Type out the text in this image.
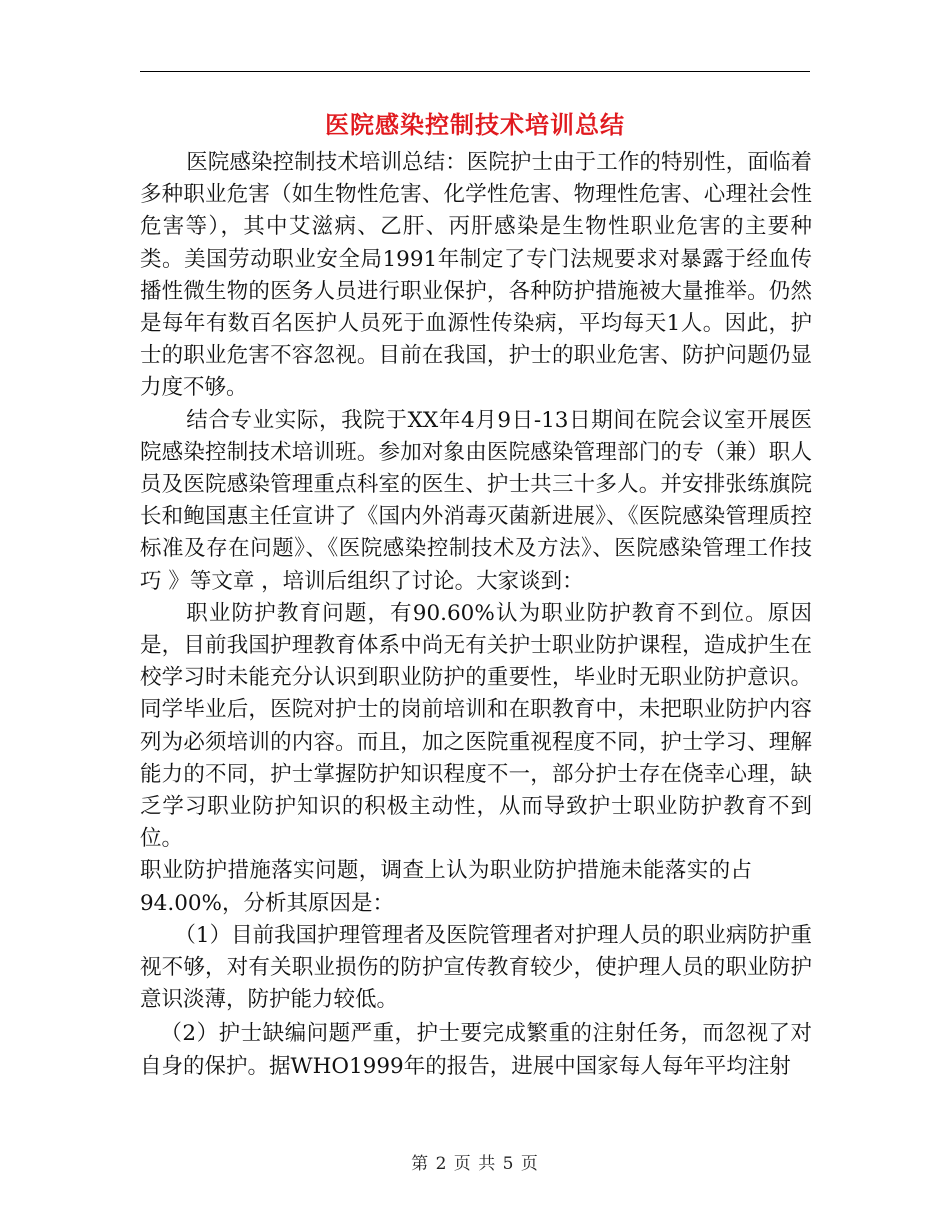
医院感染控制技术培训总结

医院感染控制技术培训总结：医院护士由于工作的特别性，面临着多种职业危害（如生物性危害、化学性危害、物理性危害、心理社会性危害等），其中艾滋病、乙肝、丙肝感染是生物性职业危害的主要种类。美国劳动职业安全局1991年制定了专门法规要求对暴露于经血传播性微生物的医务人员进行职业保护，各种防护措施被大量推举。仍然是每年有数百名医护人员死于血源性传染病，平均每天1人。因此，护士的职业危害不容忽视。目前在我国，护士的职业危害、防护问题仍显力度不够。

结合专业实际，我院于XX年4月9日-13日期间在院会议室开展医院感染控制技术培训班。参加对象由医院感染管理部门的专（兼）职人员及医院感染管理重点科室的医生、护士共三十多人。并安排张练旗院长和鲍国惠主任宣讲了《国内外消毒灭菌新进展》、《医院感染管理质控标准及存在问题》、《医院感染控制技术及方法》、医院感染管理工作技巧 》等文章 ，培训后组织了讨论。大家谈到：

职业防护教育问题，有90.60%认为职业防护教育不到位。原因是，目前我国护理教育体系中尚无有关护士职业防护课程，造成护生在校学习时未能充分认识到职业防护的重要性，毕业时无职业防护意识。同学毕业后，医院对护士的岗前培训和在职教育中，未把职业防护内容列为必须培训的内容。而且，加之医院重视程度不同，护士学习、理解能力的不同，护士掌握防护知识程度不一，部分护士存在侥幸心理，缺乏学习职业防护知识的积极主动性，从而导致护士职业防护教育不到位。

职业防护措施落实问题，调查上认为职业防护措施未能落实的占94.00%，分析其原因是：

（1）目前我国护理管理者及医院管理者对护理人员的职业病防护重视不够，对有关职业损伤的防护宣传教育较少，使护理人员的职业防护意识淡薄，防护能力较低。

（2）护士缺编问题严重，护士要完成繁重的注射任务，而忽视了对自身的保护。据WHO1999年的报告，进展中国家每人每年平均注射

第 2 页 共 5 页
